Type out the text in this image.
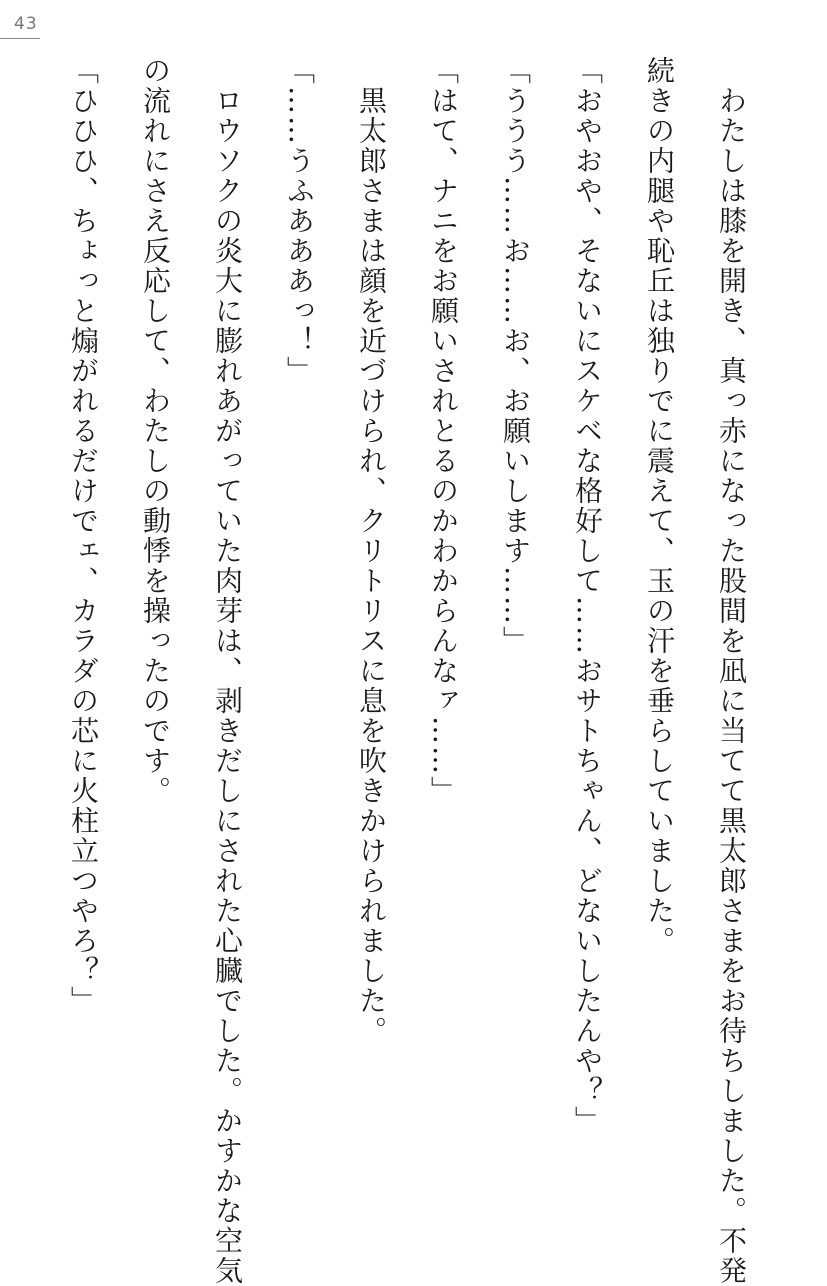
43

　わたしは膝を開き、真っ赤になった股間を凪に当てて黒太郎さまをお待ちしました。不発
続きの内腿や恥丘は独りでに震えて、玉の汗を垂らしていました。

「おやおや、そないにスケベな格好して……おサトちゃん、どないしたんや？」

「ううう……お……お、お願いします……」

「はて、ナニをお願いされとるのかわからんなァ……」

　黒太郎さまは顔を近づけられ、クリトリスに息を吹きかけられました。

「……うふあああっ！」

　ロウソクの炎大に膨れあがっていた肉芽は、剥きだしにされた心臓でした。かすかな空気
の流れにさえ反応して、わたしの動悸を操ったのです。

「ひひひ、ちょっと煽がれるだけでェ、カラダの芯に火柱立つやろ？」
